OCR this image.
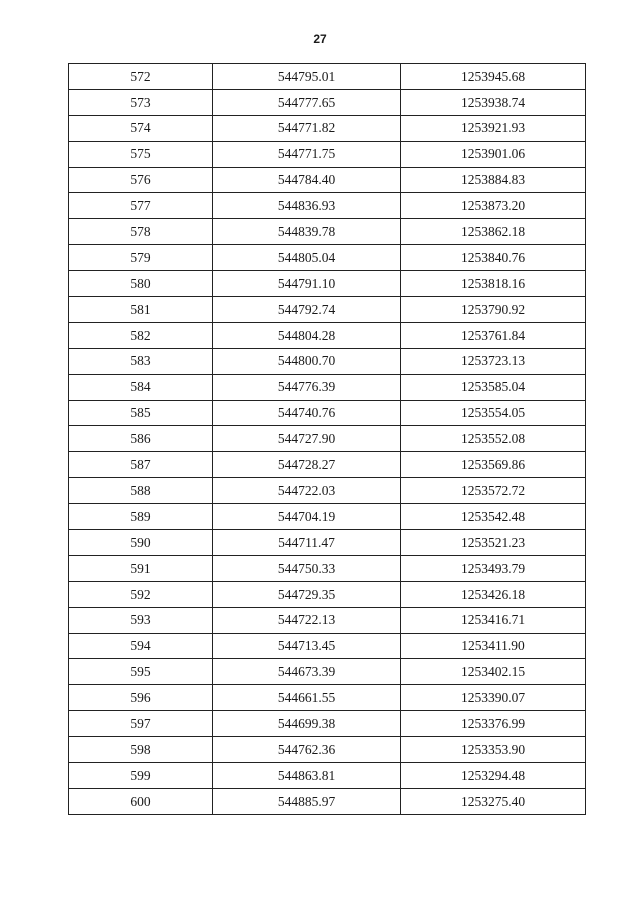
27
572	544795.01	1253945.68
573	544777.65	1253938.74
574	544771.82	1253921.93
575	544771.75	1253901.06
576	544784.40	1253884.83
577	544836.93	1253873.20
578	544839.78	1253862.18
579	544805.04	1253840.76
580	544791.10	1253818.16
581	544792.74	1253790.92
582	544804.28	1253761.84
583	544800.70	1253723.13
584	544776.39	1253585.04
585	544740.76	1253554.05
586	544727.90	1253552.08
587	544728.27	1253569.86
588	544722.03	1253572.72
589	544704.19	1253542.48
590	544711.47	1253521.23
591	544750.33	1253493.79
592	544729.35	1253426.18
593	544722.13	1253416.71
594	544713.45	1253411.90
595	544673.39	1253402.15
596	544661.55	1253390.07
597	544699.38	1253376.99
598	544762.36	1253353.90
599	544863.81	1253294.48
600	544885.97	1253275.40
